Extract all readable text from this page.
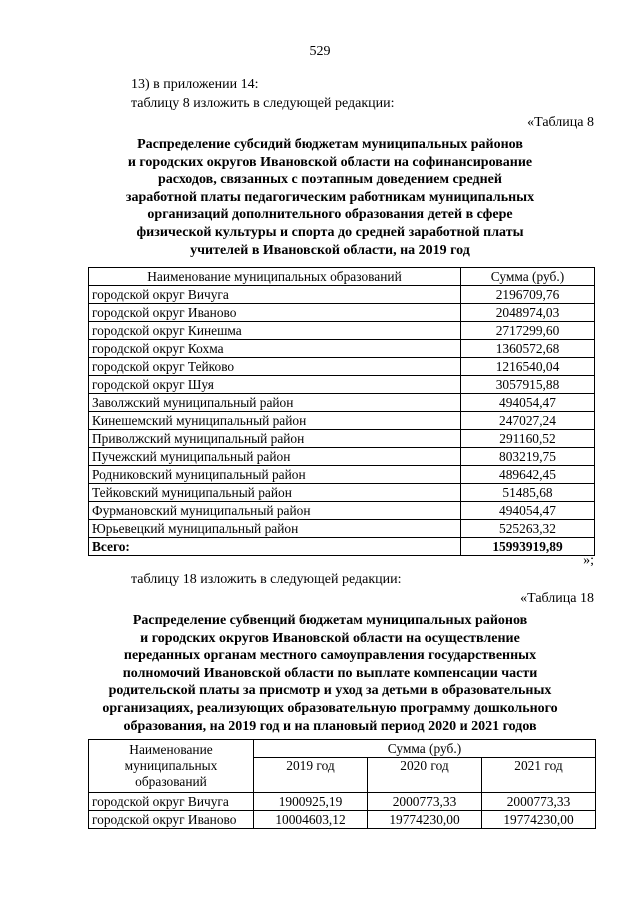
529
13) в приложении 14:
таблицу 8 изложить в следующей редакции:
«Таблица 8
Распределение субсидий бюджетам муниципальных районов
и городских округов Ивановской области на софинансирование
расходов, связанных с поэтапным доведением средней
заработной платы педагогическим работникам муниципальных
организаций дополнительного образования детей в сфере
физической культуры и спорта до средней заработной платы
учителей в Ивановской области, на 2019 год
Наименование муниципальных образований	Сумма (руб.)
городской округ Вичуга	2196709,76
городской округ Иваново	2048974,03
городской округ Кинешма	2717299,60
городской округ Кохма	1360572,68
городской округ Тейково	1216540,04
городской округ Шуя	3057915,88
Заволжский муниципальный район	494054,47
Кинешемский муниципальный район	247027,24
Приволжский муниципальный район	291160,52
Пучежский муниципальный район	803219,75
Родниковский муниципальный район	489642,45
Тейковский муниципальный район	51485,68
Фурмановский муниципальный район	494054,47
Юрьевецкий муниципальный район	525263,32
Всего:	15993919,89
»;
таблицу 18 изложить в следующей редакции:
«Таблица 18
Распределение субвенций бюджетам муниципальных районов
и городских округов Ивановской области на осуществление
переданных органам местного самоуправления государственных
полномочий Ивановской области по выплате компенсации части
родительской платы за присмотр и уход за детьми в образовательных
организациях, реализующих образовательную программу дошкольного
образования, на 2019 год и на плановый период 2020 и 2021 годов
Наименование
муниципальных
образований	Сумма (руб.)		
	2019 год	2020 год	2021 год
городской округ Вичуга	1900925,19	2000773,33	2000773,33
городской округ Иваново	10004603,12	19774230,00	19774230,00
